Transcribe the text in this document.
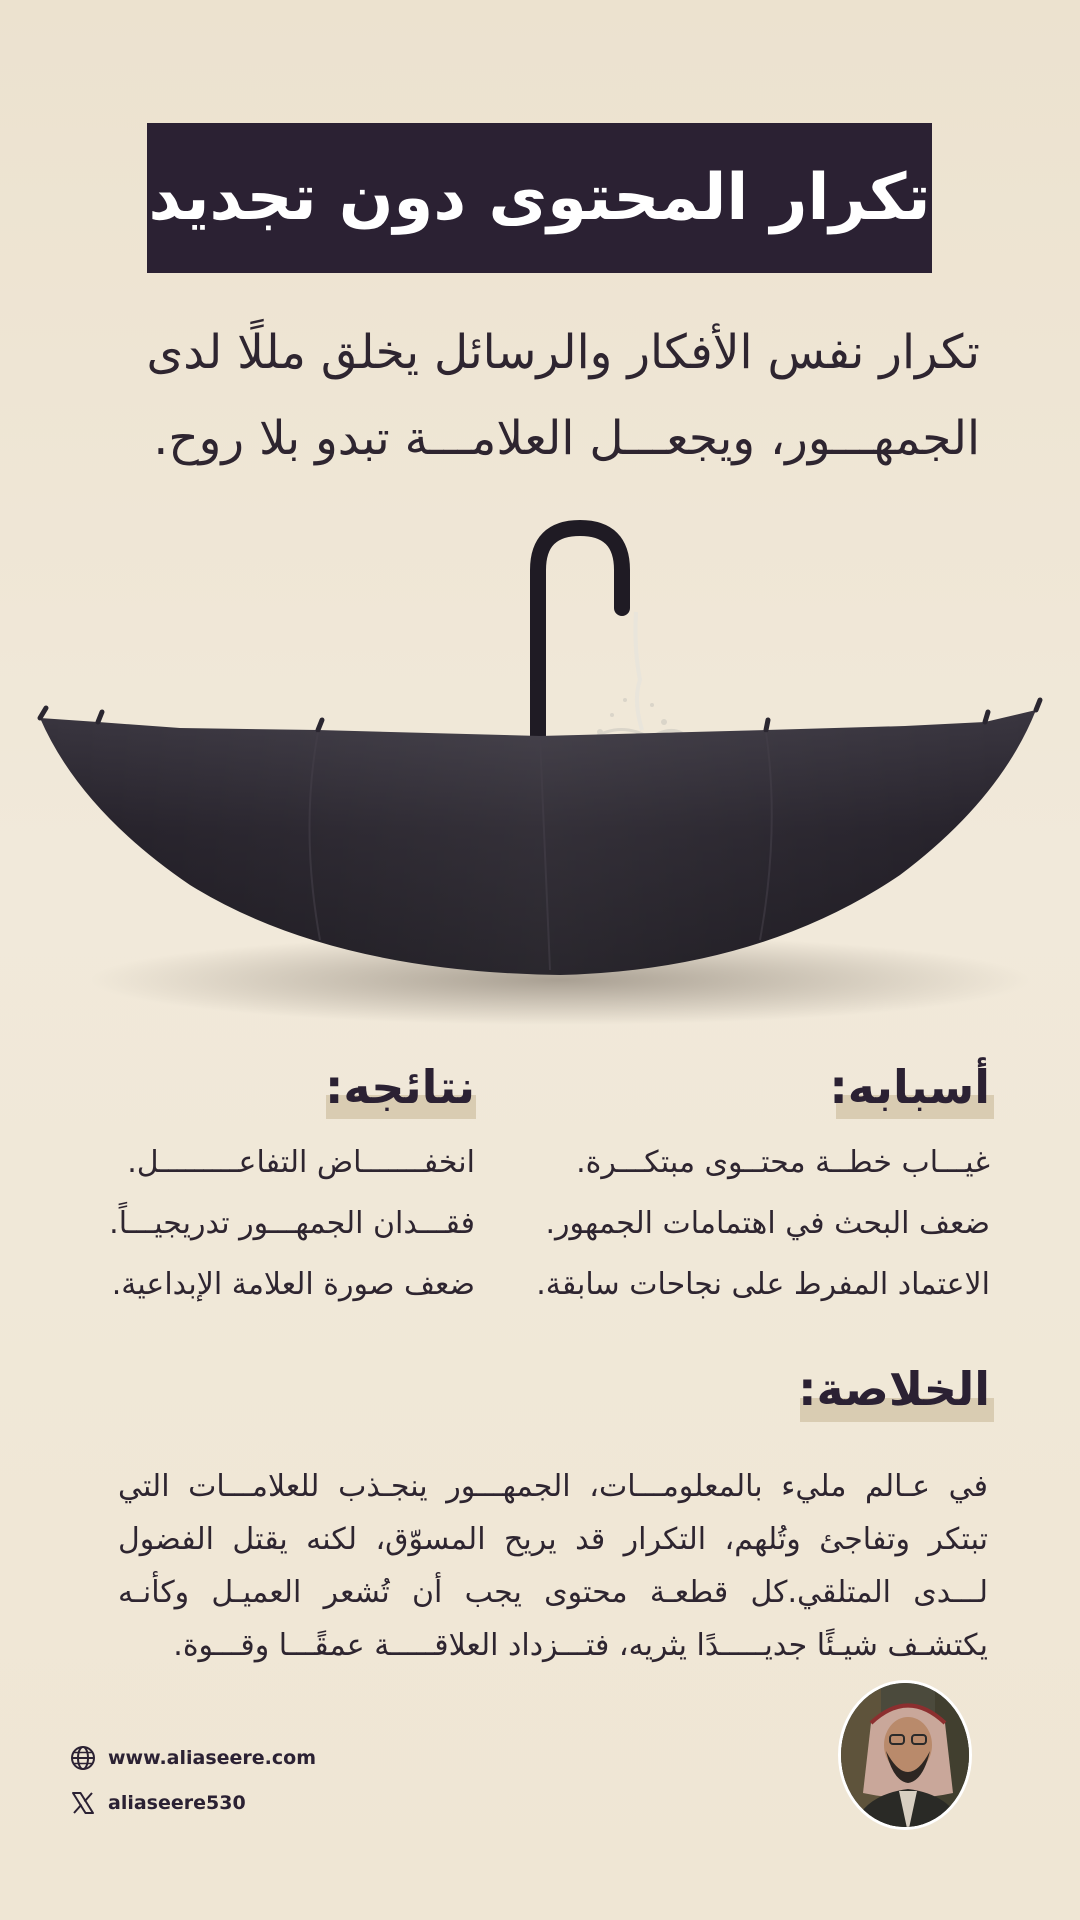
تكرار المحتوى دون تجديد
تكرار نفس الأفكار والرسائل يخلق مللًا لدى الجمهـــور، ويجعـــل العلامـــة تبدو بلا روح.
أسبابه:
غيـــاب خطــة محتــوى مبتكـــرة.
ضعف البحث في اهتمامات الجمهور.
الاعتماد المفرط على نجاحات سابقة.
نتائجه:
انخفـــــــاض التفاعـــــــــل.
فقـــدان الجمهـــور تدريجيـــاً.
ضعف صورة العلامة الإبداعية.
الخلاصة:
في عـالم مليء بالمعلومـــات، الجمهـــور ينجـذب للعلامـــات التي تبتكر وتفاجئ وتُلهم، التكرار قد يريح المسوّق، لكنه يقتل الفضول لـــدى المتلقي.كل قطعـة محتوى يجب أن تُشعر العميـل وكأنـه يكتشـف شيـئًا جديـــــدًا يثريه، فتـــزداد العلاقـــــة عمقًـــا وقـــوة.
www.aliaseere.com
aliaseere530
